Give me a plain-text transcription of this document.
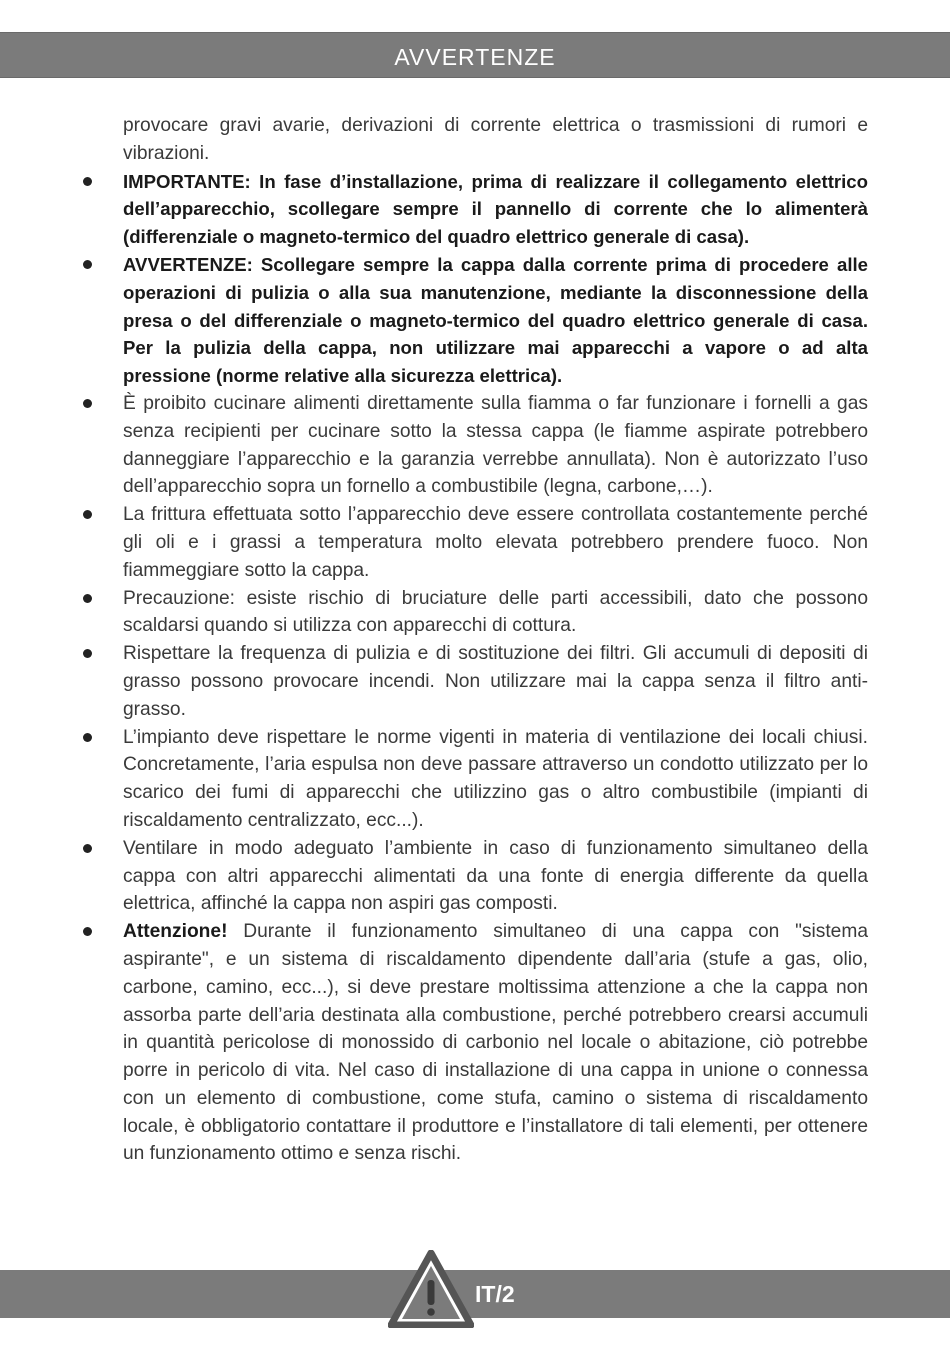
AVVERTENZE

provocare gravi avarie, derivazioni di corrente elettrica o trasmissioni di rumori e vibrazioni.

IMPORTANTE: In fase d’installazione, prima di realizzare il collegamento elettrico dell’apparecchio, scollegare sempre il pannello di corrente che lo alimenterà (differenziale o magneto-termico del quadro elettrico generale di casa).

AVVERTENZE: Scollegare sempre la cappa dalla corrente prima di procedere alle operazioni di pulizia o alla sua manutenzione, mediante la disconnessione della presa o del differenziale o magneto-termico del quadro elettrico generale di casa. Per la pulizia della cappa, non utilizzare mai apparecchi a vapore o ad alta pressione (norme relative alla sicurezza elettrica).

È proibito cucinare alimenti direttamente sulla fiamma o far funzionare i fornelli a gas senza recipienti per cucinare sotto la stessa cappa (le fiamme aspirate potrebbero danneggiare l’apparecchio e la garanzia verrebbe annullata). Non è autorizzato l’uso dell’apparecchio sopra un fornello a combustibile (legna, carbone,…).

La frittura effettuata sotto l’apparecchio deve essere controllata costantemente perché gli oli e i grassi a temperatura molto elevata potrebbero prendere fuoco. Non fiammeggiare sotto la cappa.

Precauzione: esiste rischio di bruciature delle parti accessibili, dato che possono scaldarsi quando si utilizza con apparecchi di cottura.

Rispettare la frequenza di pulizia e di sostituzione dei filtri. Gli accumuli di depositi di grasso possono provocare incendi. Non utilizzare mai la cappa senza il filtro anti-grasso.

L’impianto deve rispettare le norme vigenti in materia di ventilazione dei locali chiusi. Concretamente, l’aria espulsa non deve passare attraverso un condotto utilizzato per lo scarico dei fumi di apparecchi che utilizzino gas o altro combustibile (impianti di riscaldamento centralizzato, ecc...).

Ventilare in modo adeguato l’ambiente in caso di funzionamento simultaneo della cappa con altri apparecchi alimentati da una fonte di energia differente da quella elettrica, affinché la cappa non aspiri gas composti.

Attenzione! Durante il funzionamento simultaneo di una cappa con "sistema aspirante", e un sistema di riscaldamento dipendente dall’aria (stufe a gas, olio, carbone, camino, ecc...), si deve prestare moltissima attenzione a che la cappa non assorba parte dell’aria destinata alla combustione, perché potrebbero crearsi accumuli in quantità pericolose di monossido di carbonio nel locale o abitazione, ciò potrebbe porre in pericolo di vita. Nel caso di installazione di una cappa in unione o connessa con un elemento di combustione, come stufa, camino o sistema di riscaldamento locale, è obbligatorio contattare il produttore e l’installatore di tali elementi, per ottenere un funzionamento ottimo e senza rischi.

IT/2
